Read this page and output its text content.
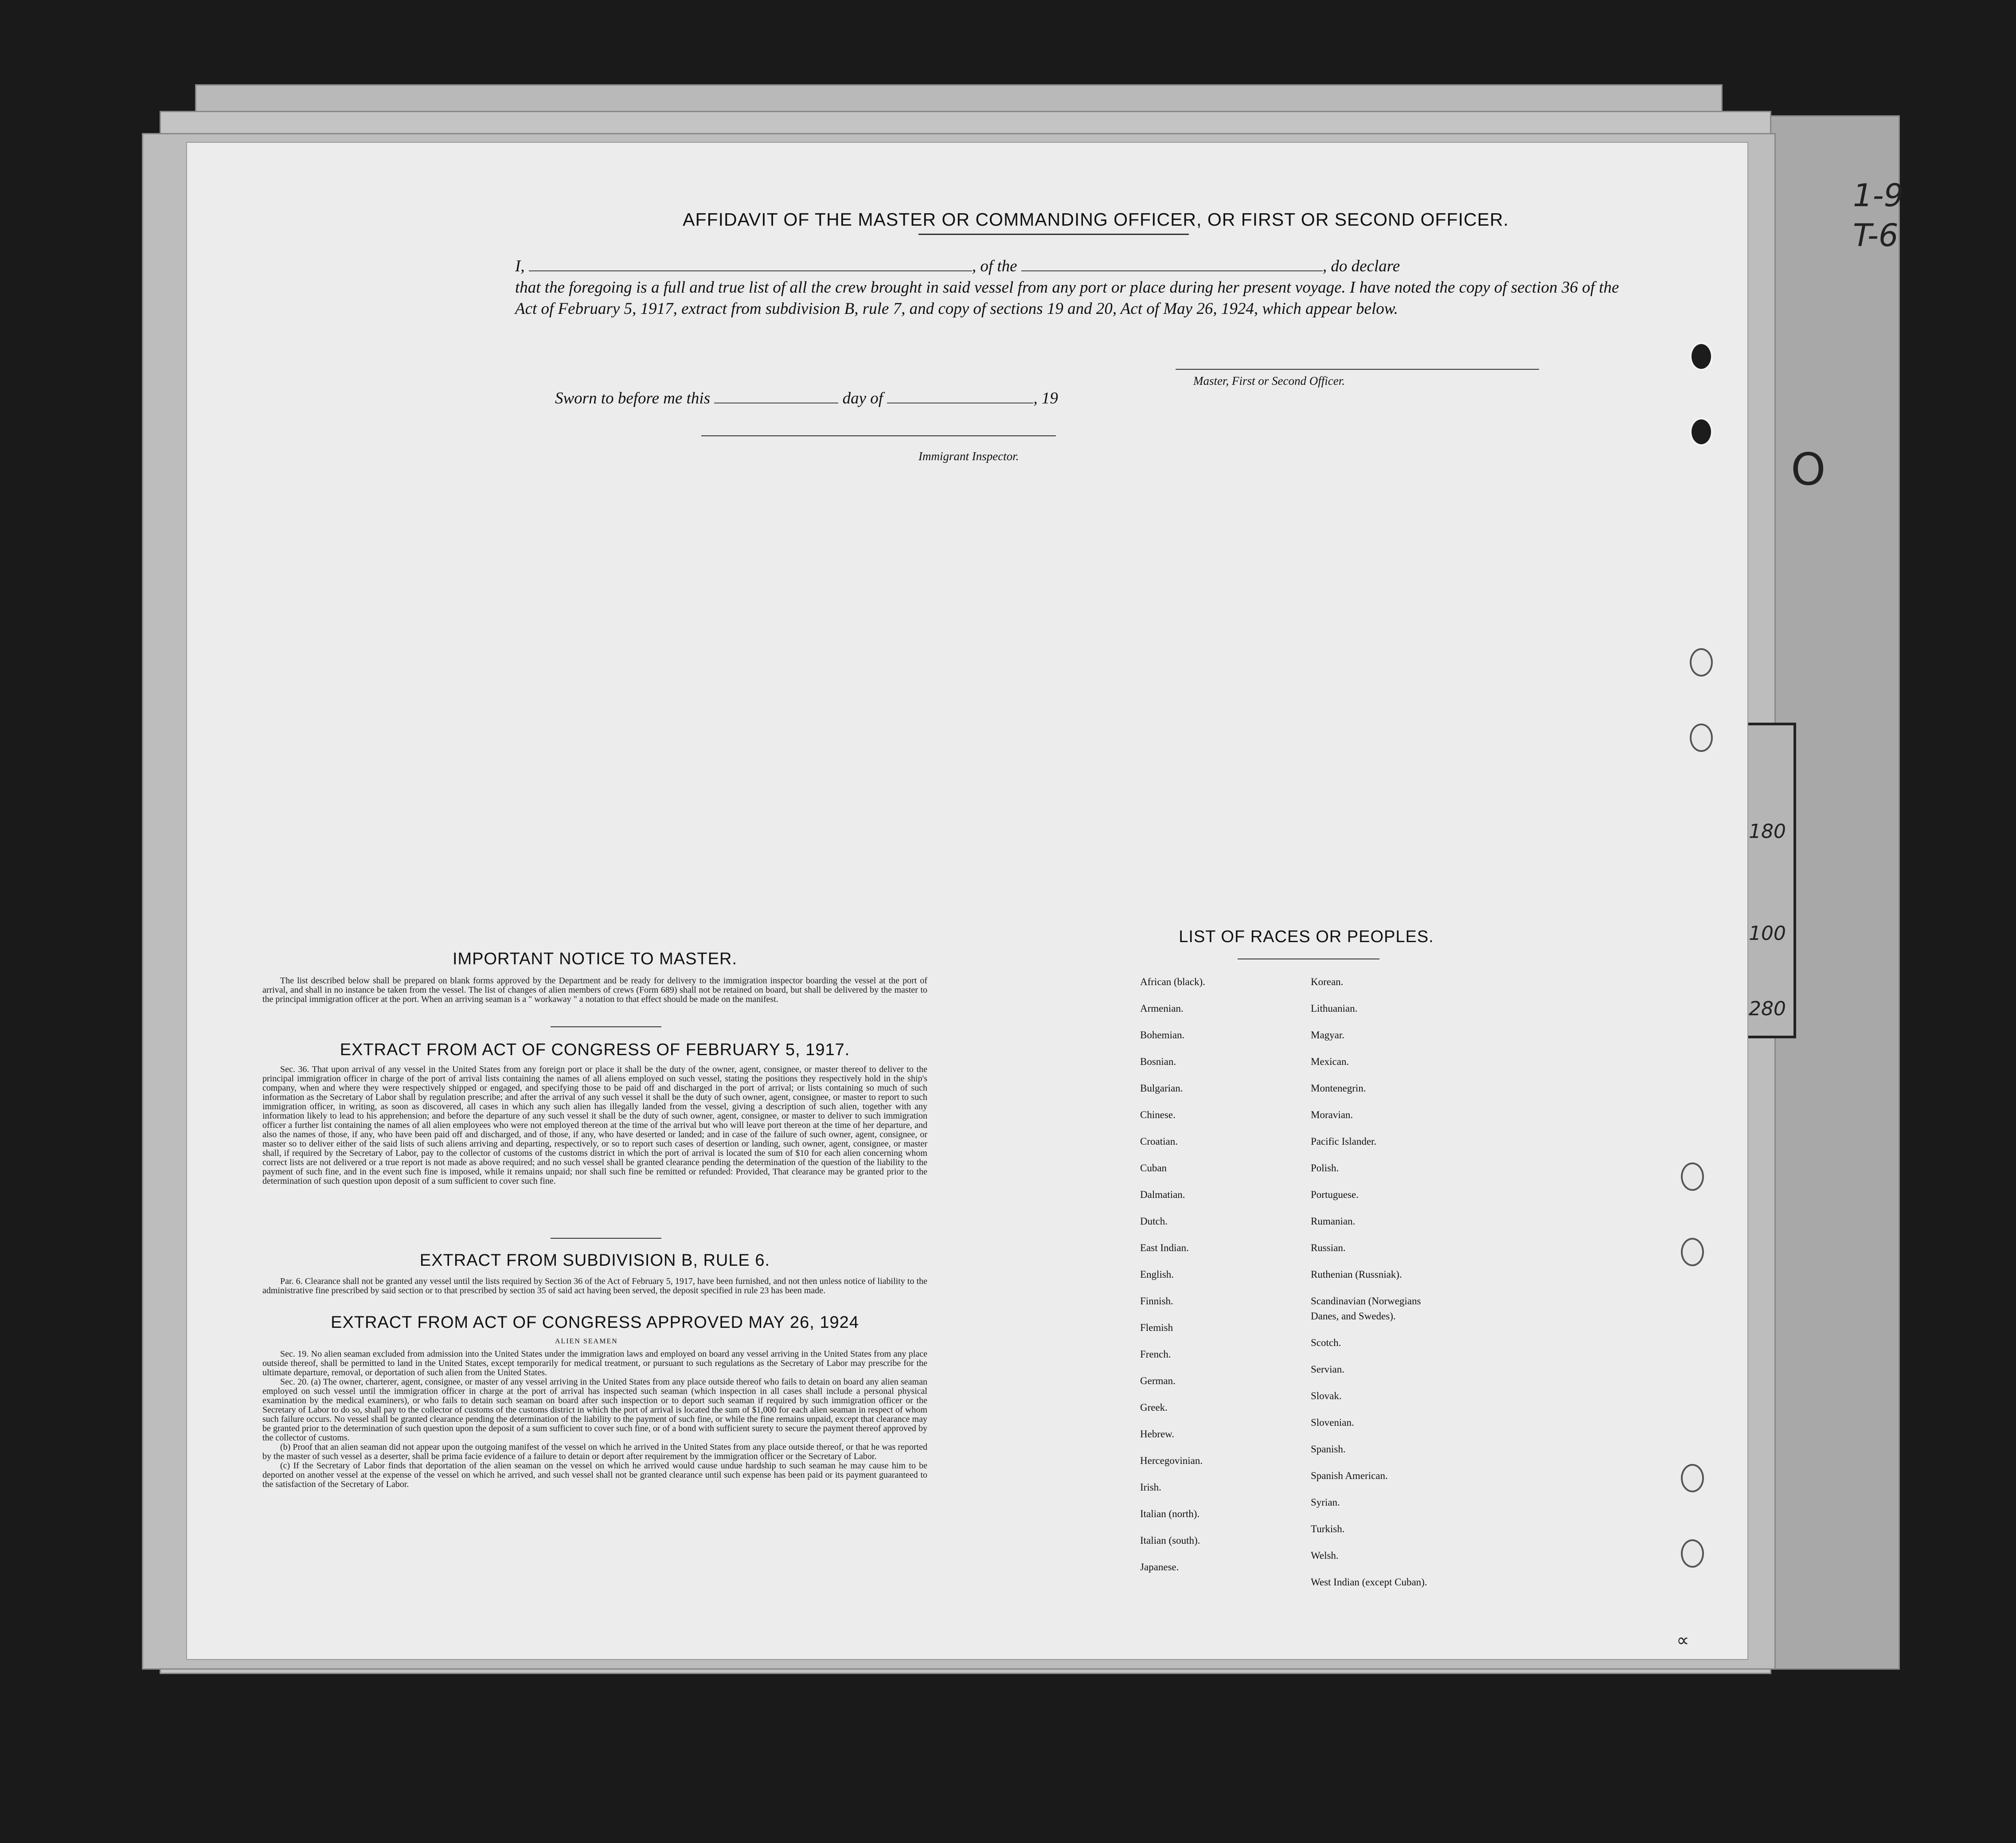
180
100
280
1-9
T-6
O
AFFIDAVIT OF THE MASTER OR COMMANDING OFFICER, OR FIRST OR SECOND OFFICER.
I,	, of the	, do declare
that the foregoing is a full and true list of all the crew brought in said vessel from any port or place during her present voyage. I have noted the copy of section 36 of the Act of February 5, 1917, extract from subdivision B, rule 7, and copy of sections 19 and 20, Act of May 26, 1924, which appear below.
Master, First or Second Officer.
Sworn to before me this	day of	, 19
Immigrant Inspector.
IMPORTANT NOTICE TO MASTER.

The list described below shall be prepared on blank forms approved by the Department and be ready for delivery to the immigration inspector boarding the vessel at the port of arrival, and shall in no instance be taken from the vessel. The list of changes of alien members of crews (Form 689) shall not be retained on board, but shall be delivered by the master to the principal immigration officer at the port. When an arriving seaman is a " workaway " a notation to that effect should be made on the manifest.

EXTRACT FROM ACT OF CONGRESS OF FEBRUARY 5, 1917.

Sec. 36. That upon arrival of any vessel in the United States from any foreign port or place it shall be the duty of the owner, agent, consignee, or master thereof to deliver to the principal immigration officer in charge of the port of arrival lists containing the names of all aliens employed on such vessel, stating the positions they respectively hold in the ship's company, when and where they were respectively shipped or engaged, and specifying those to be paid off and discharged in the port of arrival; or lists containing so much of such information as the Secretary of Labor shall by regulation prescribe; and after the arrival of any such vessel it shall be the duty of such owner, agent, consignee, or master to report to such immigration officer, in writing, as soon as discovered, all cases in which any such alien has illegally landed from the vessel, giving a description of such alien, together with any information likely to lead to his apprehension; and before the departure of any such vessel it shall be the duty of such owner, agent, consignee, or master to deliver to such immigration officer a further list containing the names of all alien employees who were not employed thereon at the time of the arrival but who will leave port thereon at the time of her departure, and also the names of those, if any, who have been paid off and discharged, and of those, if any, who have deserted or landed; and in case of the failure of such owner, agent, consignee, or master so to deliver either of the said lists of such aliens arriving and departing, respectively, or so to report such cases of desertion or landing, such owner, agent, consignee, or master shall, if required by the Secretary of Labor, pay to the collector of customs of the customs district in which the port of arrival is located the sum of $10 for each alien concerning whom correct lists are not delivered or a true report is not made as above required; and no such vessel shall be granted clearance pending the determination of the question of the liability to the payment of such fine, and in the event such fine is imposed, while it remains unpaid; nor shall such fine be remitted or refunded: Provided, That clearance may be granted prior to the determination of such question upon deposit of a sum sufficient to cover such fine.

EXTRACT FROM SUBDIVISION B, RULE 6.

Par. 6. Clearance shall not be granted any vessel until the lists required by Section 36 of the Act of February 5, 1917, have been furnished, and not then unless notice of liability to the administrative fine prescribed by said section or to that prescribed by section 35 of said act having been served, the deposit specified in rule 23 has been made.

EXTRACT FROM ACT OF CONGRESS APPROVED MAY 26, 1924
ALIEN SEAMEN

Sec. 19. No alien seaman excluded from admission into the United States under the immigration laws and employed on board any vessel arriving in the United States from any place outside thereof, shall be permitted to land in the United States, except temporarily for medical treatment, or pursuant to such regulations as the Secretary of Labor may prescribe for the ultimate departure, removal, or deportation of such alien from the United States.

Sec. 20. (a) The owner, charterer, agent, consignee, or master of any vessel arriving in the United States from any place outside thereof who fails to detain on board any alien seaman employed on such vessel until the immigration officer in charge at the port of arrival has inspected such seaman (which inspection in all cases shall include a personal physical examination by the medical examiners), or who fails to detain such seaman on board after such inspection or to deport such seaman if required by such immigration officer or the Secretary of Labor to do so, shall pay to the collector of customs of the customs district in which the port of arrival is located the sum of $1,000 for each alien seaman in respect of whom such failure occurs. No vessel shall be granted clearance pending the determination of the liability to the payment of such fine, or while the fine remains unpaid, except that clearance may be granted prior to the determination of such question upon the deposit of a sum sufficient to cover such fine, or of a bond with sufficient surety to secure the payment thereof approved by the collector of customs.

(b) Proof that an alien seaman did not appear upon the outgoing manifest of the vessel on which he arrived in the United States from any place outside thereof, or that he was reported by the master of such vessel as a deserter, shall be prima facie evidence of a failure to detain or deport after requirement by the immigration officer or the Secretary of Labor.

(c) If the Secretary of Labor finds that deportation of the alien seaman on the vessel on which he arrived would cause undue hardship to such seaman he may cause him to be deported on another vessel at the expense of the vessel on which he arrived, and such vessel shall not be granted clearance until such expense has been paid or its payment guaranteed to the satisfaction of the Secretary of Labor.

LIST OF RACES OR PEOPLES.
African (black).
Armenian.
Bohemian.
Bosnian.
Bulgarian.
Chinese.
Croatian.
Cuban
Dalmatian.
Dutch.
East Indian.
English.
Finnish.
Flemish
French.
German.
Greek.
Hebrew.
Hercegovinian.
Irish.
Italian (north).
Italian (south).
Japanese.
Korean.
Lithuanian.
Magyar.
Mexican.
Montenegrin.
Moravian.
Pacific Islander.
Polish.
Portuguese.
Rumanian.
Russian.
Ruthenian (Russniak).
Scandinavian (Norwegians
Danes, and Swedes).
Scotch.
Servian.
Slovak.
Slovenian.
Spanish.
Spanish American.
Syrian.
Turkish.
Welsh.
West Indian (except Cuban).
∝
